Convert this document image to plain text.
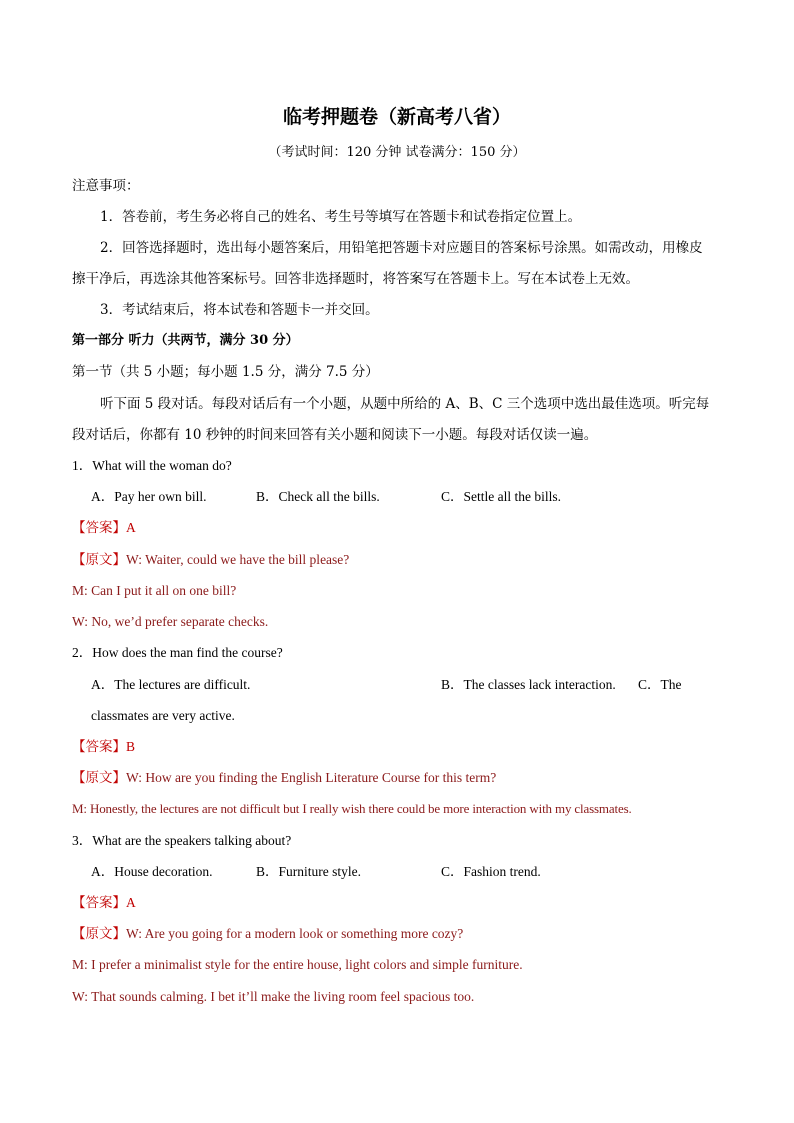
临考押题卷（新高考八省）
（考试时间：120 分钟 试卷满分：150 分）
注意事项：
1．答卷前，考生务必将自己的姓名、考生号等填写在答题卡和试卷指定位置上。
2．回答选择题时，选出每小题答案后，用铅笔把答题卡对应题目的答案标号涂黑。如需改动，用橡皮
擦干净后，再选涂其他答案标号。回答非选择题时，将答案写在答题卡上。写在本试卷上无效。
3．考试结束后，将本试卷和答题卡一并交回。
第一部分 听力（共两节，满分 30 分）
第一节（共 5 小题；每小题 1.5 分，满分 7.5 分）
听下面 5 段对话。每段对话后有一个小题，从题中所给的 A、B、C 三个选项中选出最佳选项。听完每
段对话后，你都有 10 秒钟的时间来回答有关小题和阅读下一小题。每段对话仅读一遍。
1．What will the woman do?
A．Pay her own bill.	B．Check all the bills.	C．Settle all the bills.
【答案】A
【原文】W: Waiter, could we have the bill please?
M: Can I put it all on one bill?
W: No, we’d prefer separate checks.
2．How does the man find the course?
A．The lectures are difficult.	B．The classes lack interaction. C．The
classmates are very active.
【答案】B
【原文】W: How are you finding the English Literature Course for this term?
M: Honestly, the lectures are not difficult but I really wish there could be more interaction with my classmates.
3．What are the speakers talking about?
A．House decoration.	B．Furniture style.	C．Fashion trend.
【答案】A
【原文】W: Are you going for a modern look or something more cozy?
M: I prefer a minimalist style for the entire house, light colors and simple furniture.
W: That sounds calming. I bet it’ll make the living room feel spacious too.
